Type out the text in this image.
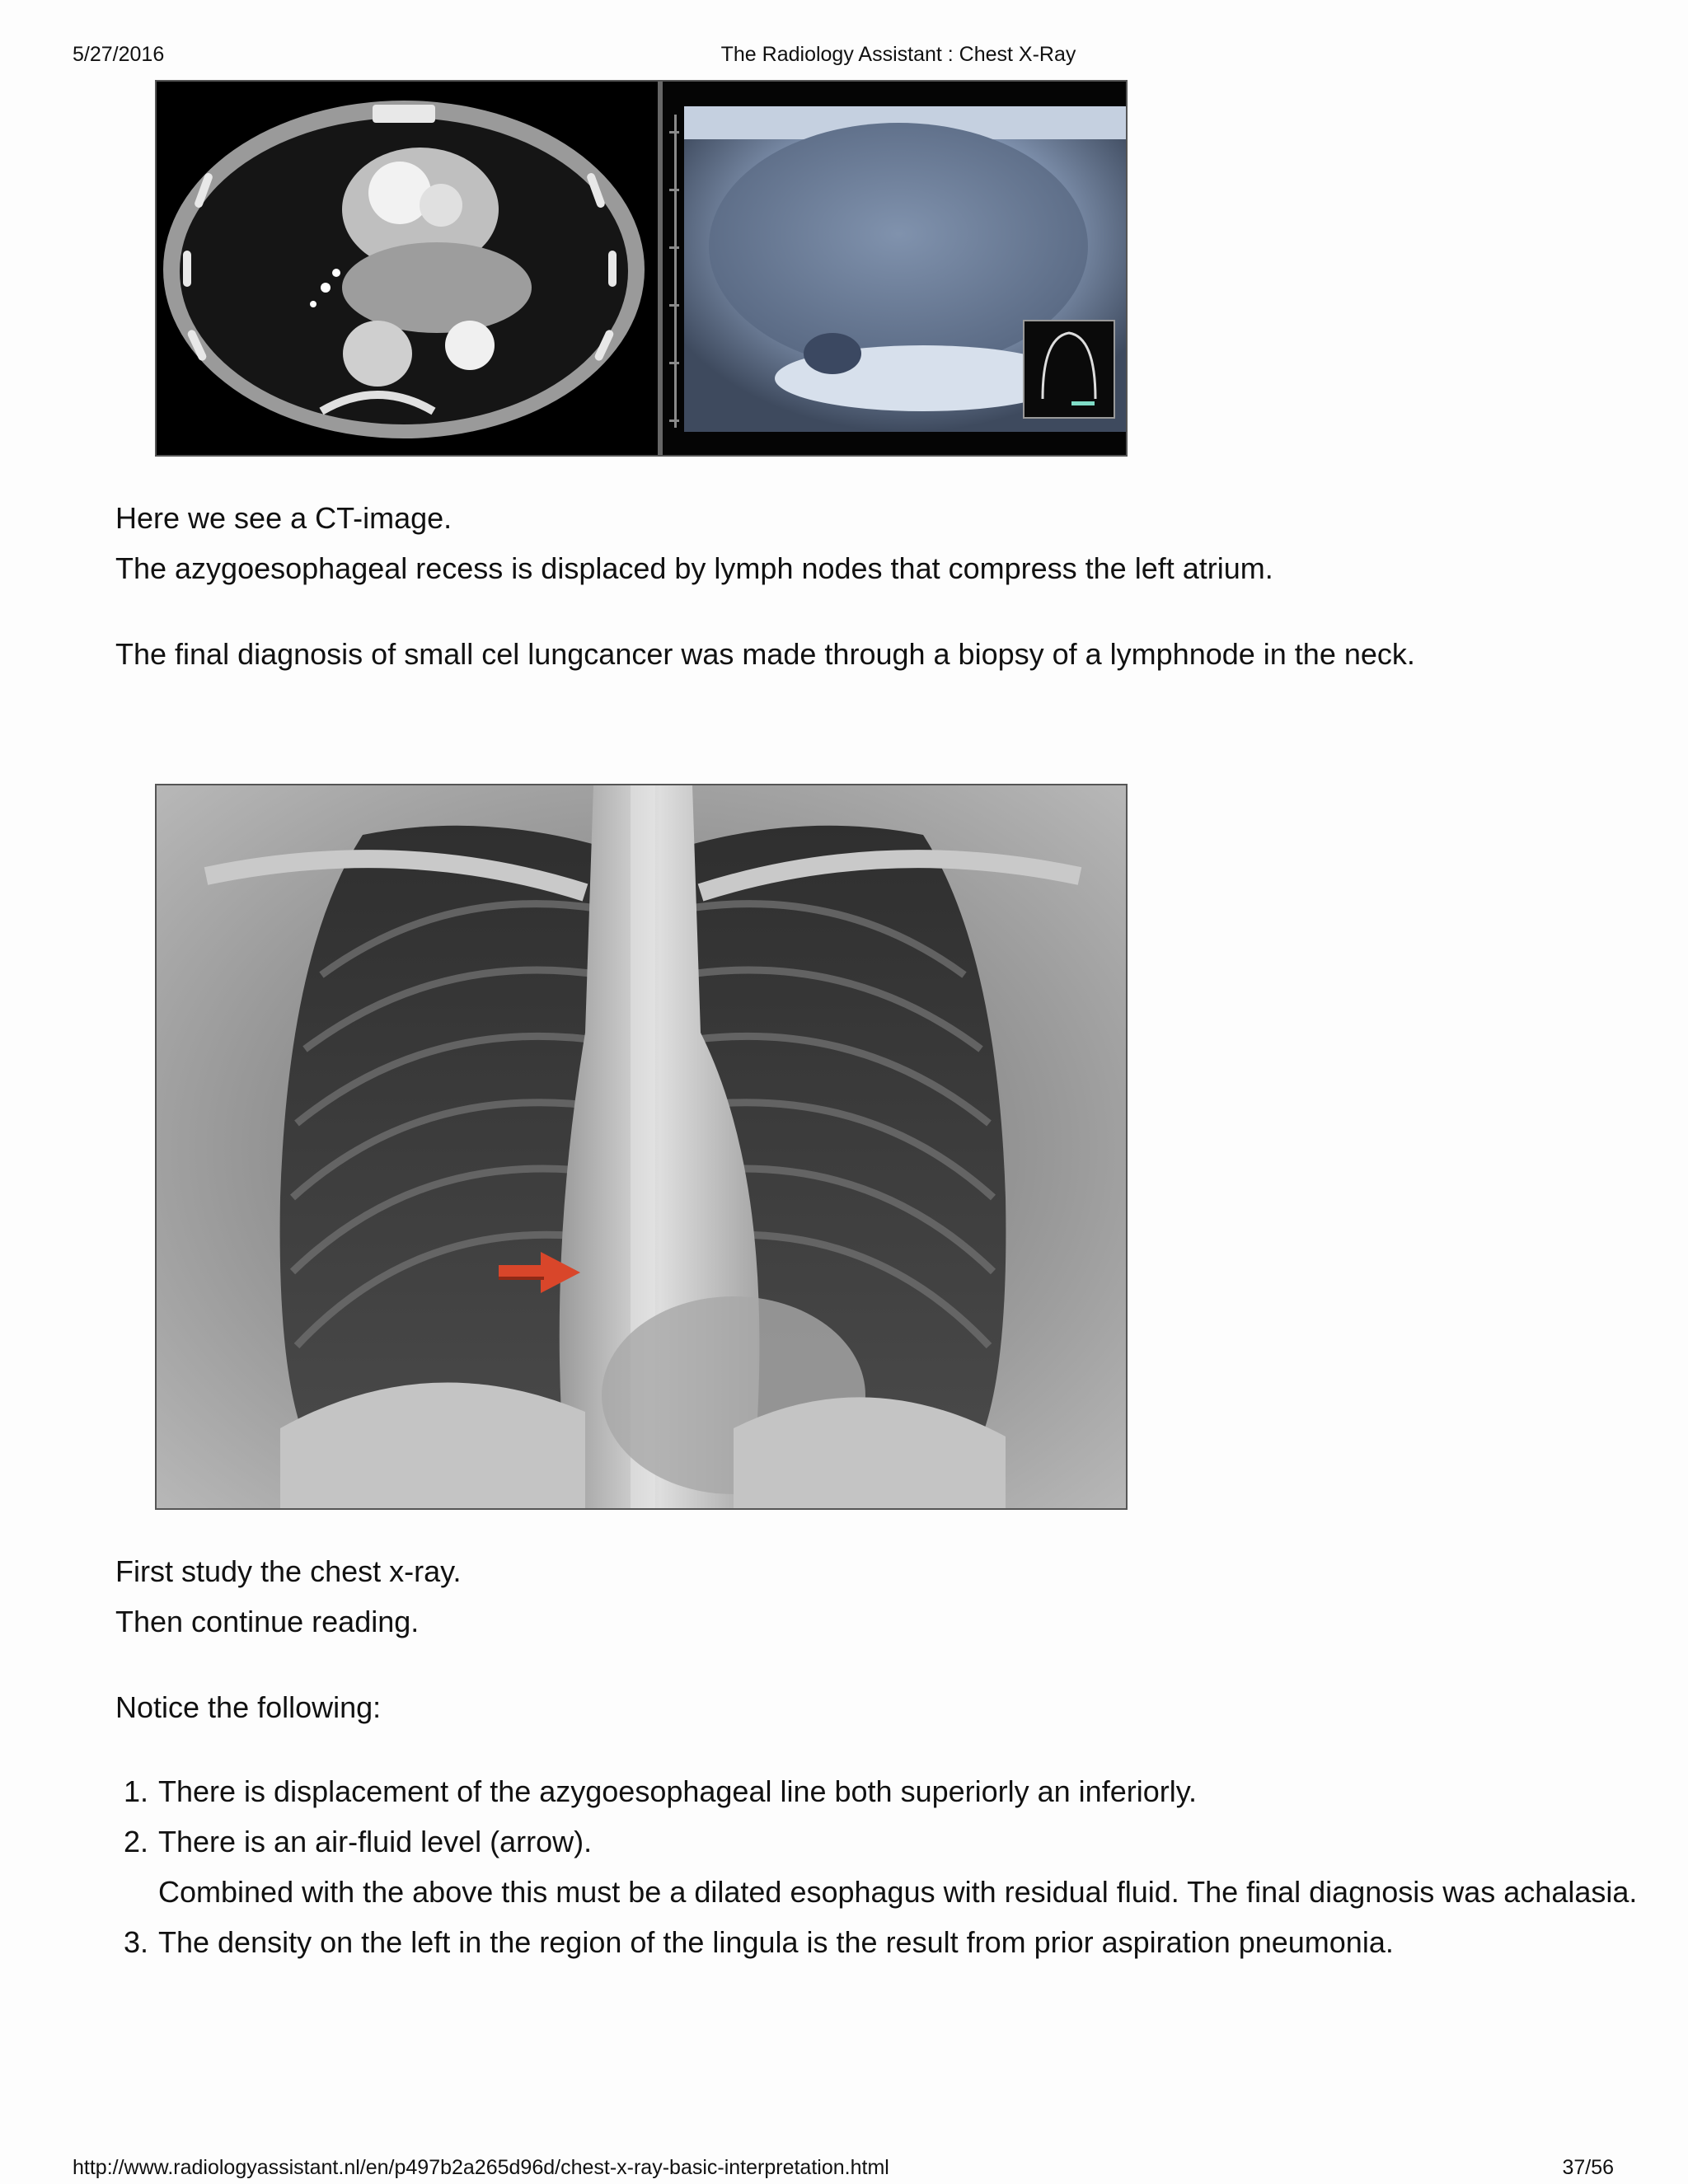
5/27/2016	The Radiology Assistant : Chest X-Ray
Here we see a CT-image.
The azygoesophageal recess is displaced by lymph nodes that compress the left atrium.
The final diagnosis of small cel lungcancer was made through a biopsy of a lymphnode in the neck.
First study the chest x-ray.
Then continue reading.
Notice the following:
1. There is displacement of the azygoesophageal line both superiorly an inferiorly.
2. There is an air-fluid level (arrow).
Combined with the above this must be a dilated esophagus with residual fluid. The final diagnosis was achalasia.
3. The density on the left in the region of the lingula is the result from prior aspiration pneumonia.
http://www.radiologyassistant.nl/en/p497b2a265d96d/chest-x-ray-basic-interpretation.html	37/56
